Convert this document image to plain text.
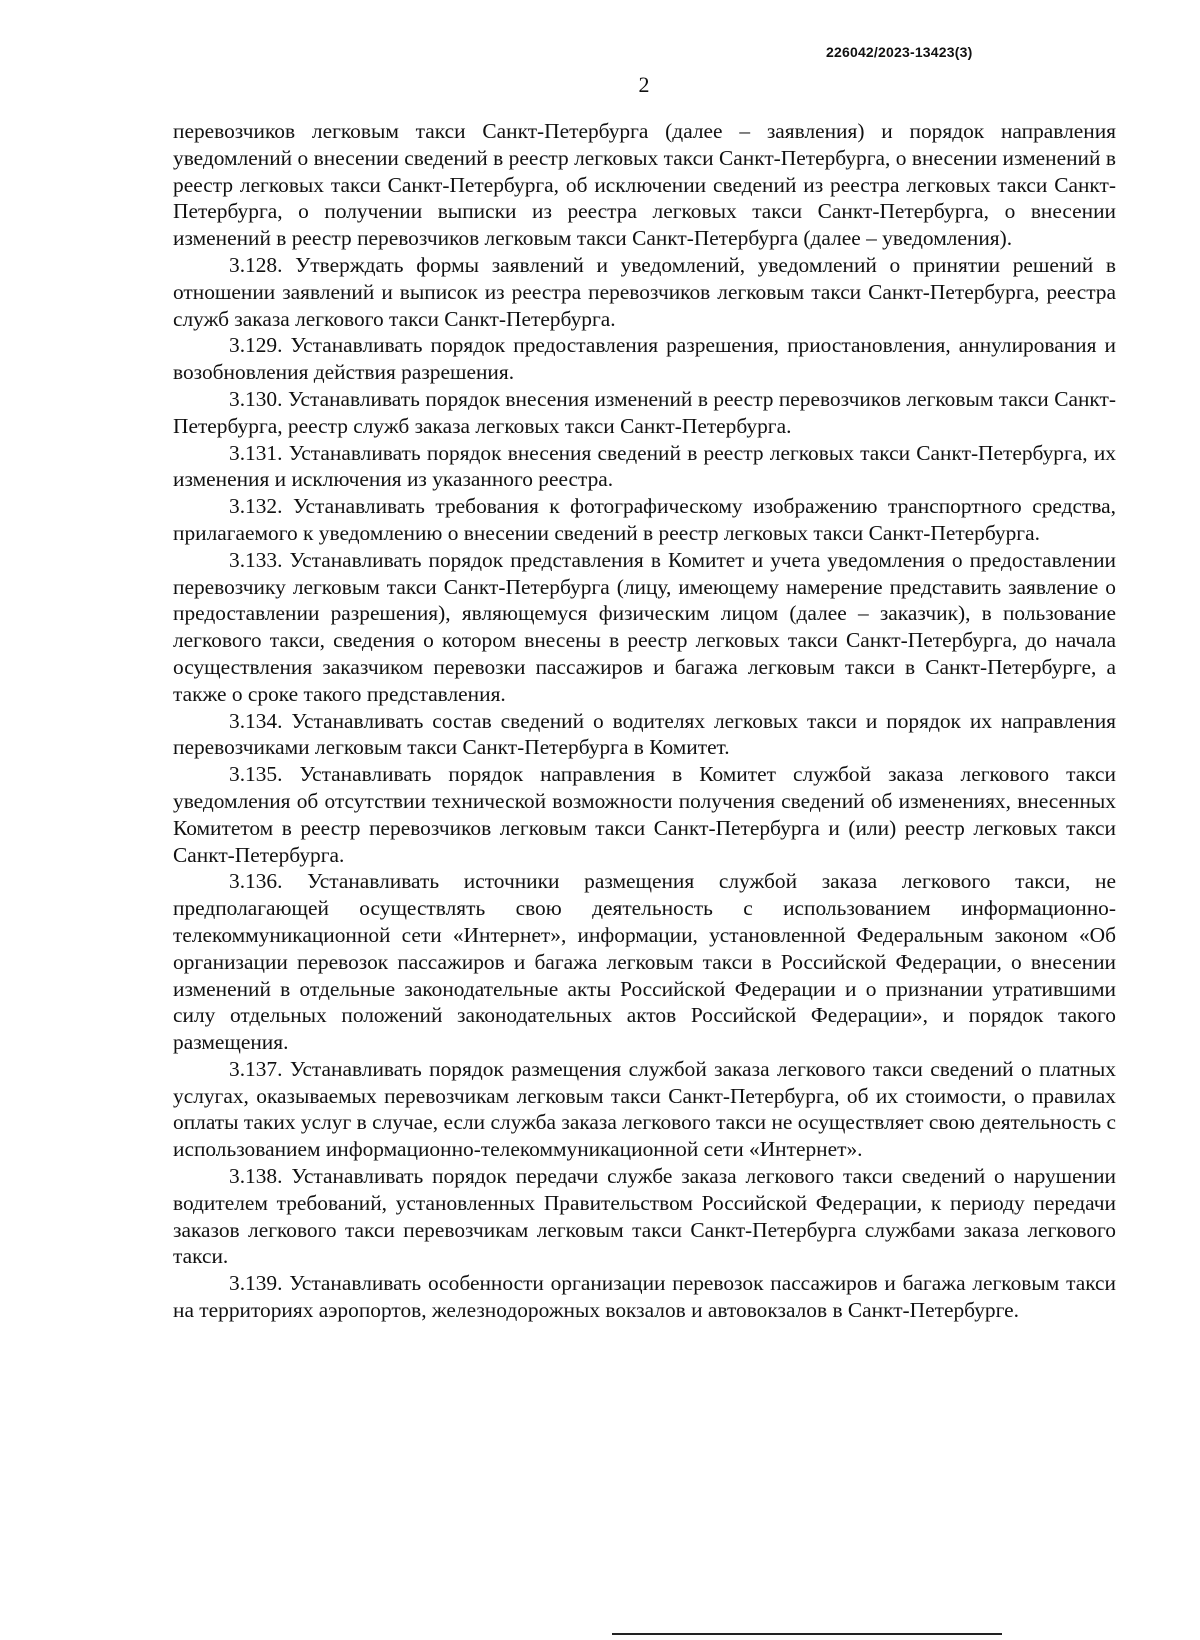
226042/2023-13423(3)
2

перевозчиков легковым такси Санкт-Петербурга (далее – заявления) и порядок направления уведомлений о внесении сведений в реестр легковых такси Санкт-Петербурга, о внесении изменений в реестр легковых такси Санкт-Петербурга, об исключении сведений из реестра легковых такси Санкт-Петербурга, о получении выписки из реестра легковых такси Санкт-Петербурга, о внесении изменений в реестр перевозчиков легковым такси Санкт-Петербурга (далее – уведомления).

3.128. Утверждать формы заявлений и уведомлений, уведомлений о принятии решений в отношении заявлений и выписок из реестра перевозчиков легковым такси Санкт-Петербурга, реестра служб заказа легкового такси Санкт-Петербурга.

3.129. Устанавливать порядок предоставления разрешения, приостановления, аннулирования и возобновления действия разрешения.

3.130. Устанавливать порядок внесения изменений в реестр перевозчиков легковым такси Санкт-Петербурга, реестр служб заказа легковых такси Санкт-Петербурга.

3.131. Устанавливать порядок внесения сведений в реестр легковых такси Санкт-Петербурга, их изменения и исключения из указанного реестра.

3.132. Устанавливать требования к фотографическому изображению транспортного средства, прилагаемого к уведомлению о внесении сведений в реестр легковых такси Санкт-Петербурга.

3.133. Устанавливать порядок представления в Комитет и учета уведомления о предоставлении перевозчику легковым такси Санкт-Петербурга (лицу, имеющему намерение представить заявление о предоставлении разрешения), являющемуся физическим лицом (далее – заказчик), в пользование легкового такси, сведения о котором внесены в реестр легковых такси Санкт-Петербурга, до начала осуществления заказчиком перевозки пассажиров и багажа легковым такси в Санкт-Петербурге, а также о сроке такого представления.

3.134. Устанавливать состав сведений о водителях легковых такси и порядок их направления перевозчиками легковым такси Санкт-Петербурга в Комитет.

3.135. Устанавливать порядок направления в Комитет службой заказа легкового такси уведомления об отсутствии технической возможности получения сведений об изменениях, внесенных Комитетом в реестр перевозчиков легковым такси Санкт-Петербурга и (или) реестр легковых такси Санкт-Петербурга.

3.136. Устанавливать источники размещения службой заказа легкового такси, не предполагающей осуществлять свою деятельность с использованием информационно-телекоммуникационной сети «Интернет», информации, установленной Федеральным законом «Об организации перевозок пассажиров и багажа легковым такси в Российской Федерации, о внесении изменений в отдельные законодательные акты Российской Федерации и о признании утратившими силу отдельных положений законодательных актов Российской Федерации», и порядок такого размещения.

3.137. Устанавливать порядок размещения службой заказа легкового такси сведений о платных услугах, оказываемых перевозчикам легковым такси Санкт-Петербурга, об их стоимости, о правилах оплаты таких услуг в случае, если служба заказа легкового такси не осуществляет свою деятельность с использованием информационно-телекоммуникационной сети «Интернет».

3.138. Устанавливать порядок передачи службе заказа легкового такси сведений о нарушении водителем требований, установленных Правительством Российской Федерации, к периоду передачи заказов легкового такси перевозчикам легковым такси Санкт-Петербурга службами заказа легкового такси.

3.139. Устанавливать особенности организации перевозок пассажиров и багажа легковым такси на территориях аэропортов, железнодорожных вокзалов и автовокзалов в Санкт-Петербурге.
